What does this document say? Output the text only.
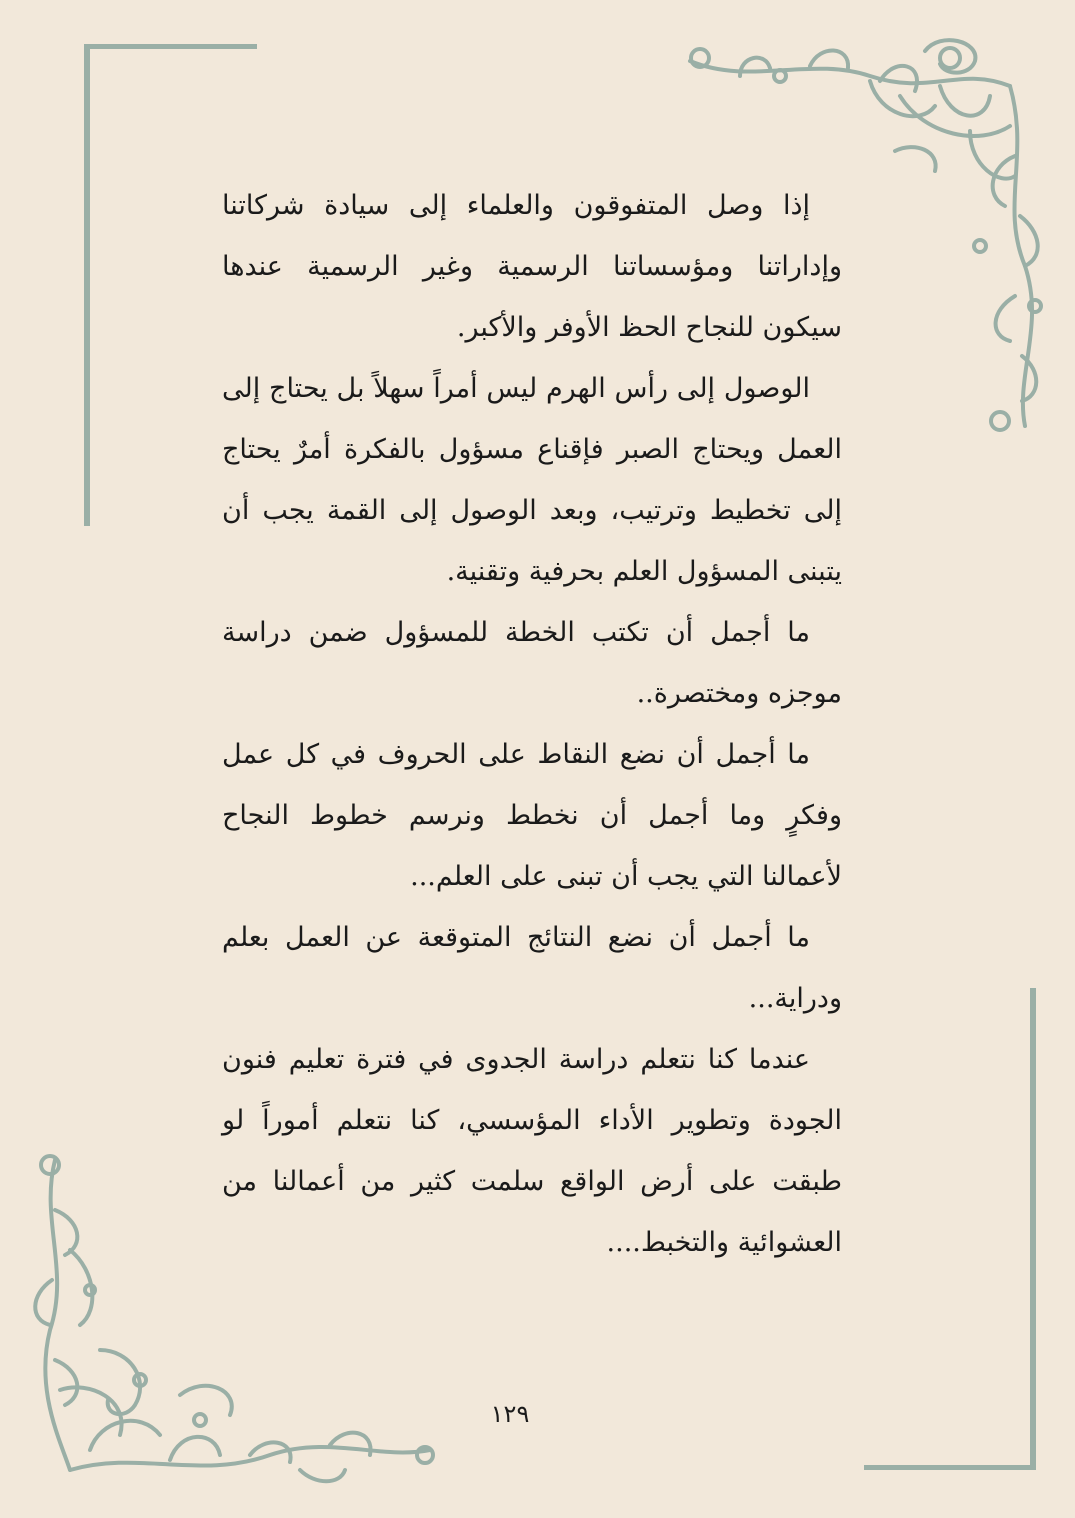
إذا وصل المتفوقون والعلماء إلى سيادة شركاتنا وإداراتنا ومؤسساتنا الرسمية وغير الرسمية عندها سيكون للنجاح الحظ الأوفر والأكبر.

الوصول إلى رأس الهرم ليس أمراً سهلاً بل يحتاج إلى العمل ويحتاج الصبر فإقناع مسؤول بالفكرة أمرٌ يحتاج إلى تخطيط وترتيب، وبعد الوصول إلى القمة يجب أن يتبنى المسؤول العلم بحرفية وتقنية.

ما أجمل أن تكتب الخطة للمسؤول ضمن دراسة موجزه ومختصرة..

ما أجمل أن نضع النقاط على الحروف في كل عمل وفكرٍ وما أجمل أن نخطط ونرسم خطوط النجاح لأعمالنا التي يجب أن تبنى على العلم...

ما أجمل أن نضع النتائج المتوقعة عن العمل بعلم ودراية...

عندما كنا نتعلم دراسة الجدوى في فترة تعليم فنون الجودة وتطوير الأداء المؤسسي، كنا نتعلم أموراً لو طبقت على أرض الواقع سلمت كثير من أعمالنا من العشوائية والتخبط....

١٢٩
